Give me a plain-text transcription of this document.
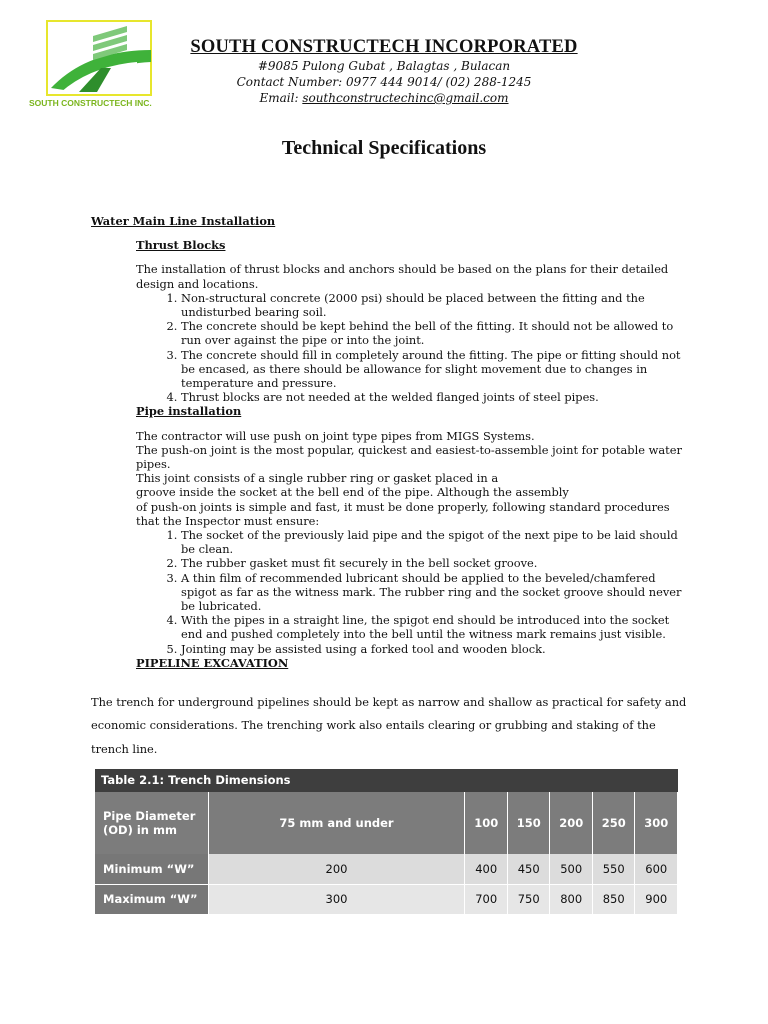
SOUTH CONSTRUCTECH INC.
SOUTH CONSTRUCTECH INCORPORATED
#9085 Pulong Gubat , Balagtas , Bulacan
Contact Number: 0977 444 9014/ (02) 288-1245
Email: southconstructechinc@gmail.com
Technical Specifications
Water Main Line Installation
Thrust Blocks
The installation of thrust blocks and anchors should be based on the plans for their detailed design and locations.
1. Non-structural concrete (2000 psi) should be placed between the fitting and the undisturbed bearing soil.
2. The concrete should be kept behind the bell of the fitting. It should not be allowed to run over against the pipe or into the joint.
3. The concrete should fill in completely around the fitting. The pipe or fitting should not be encased, as there should be allowance for slight movement due to changes in temperature and pressure.
4. Thrust blocks are not needed at the welded flanged joints of steel pipes.
Pipe installation
The contractor will use push on joint type pipes from MIGS Systems.
The push-on joint is the most popular, quickest and easiest-to-assemble joint for potable water pipes.
This joint consists of a single rubber ring or gasket placed in a
groove inside the socket at the bell end of the pipe. Although the assembly
of push-on joints is simple and fast, it must be done properly, following standard procedures that the Inspector must ensure:
1. The socket of the previously laid pipe and the spigot of the next pipe to be laid should be clean.
2. The rubber gasket must fit securely in the bell socket groove.
3. A thin film of recommended lubricant should be applied to the beveled/chamfered spigot as far as the witness mark. The rubber ring and the socket groove should never be lubricated.
4. With the pipes in a straight line, the spigot end should be introduced into the socket end and pushed completely into the bell until the witness mark remains just visible.
5. Jointing may be assisted using a forked tool and wooden block.
PIPELINE EXCAVATION
The trench for underground pipelines should be kept as narrow and shallow as practical for safety and economic considerations. The trenching work also entails clearing or grubbing and staking of the trench line.
Table 2.1: Trench Dimensions
Pipe Diameter (OD) in mm	75 mm and under	100	150	200	250	300
Minimum “W”	200	400	450	500	550	600
Maximum “W”	300	700	750	800	850	900
